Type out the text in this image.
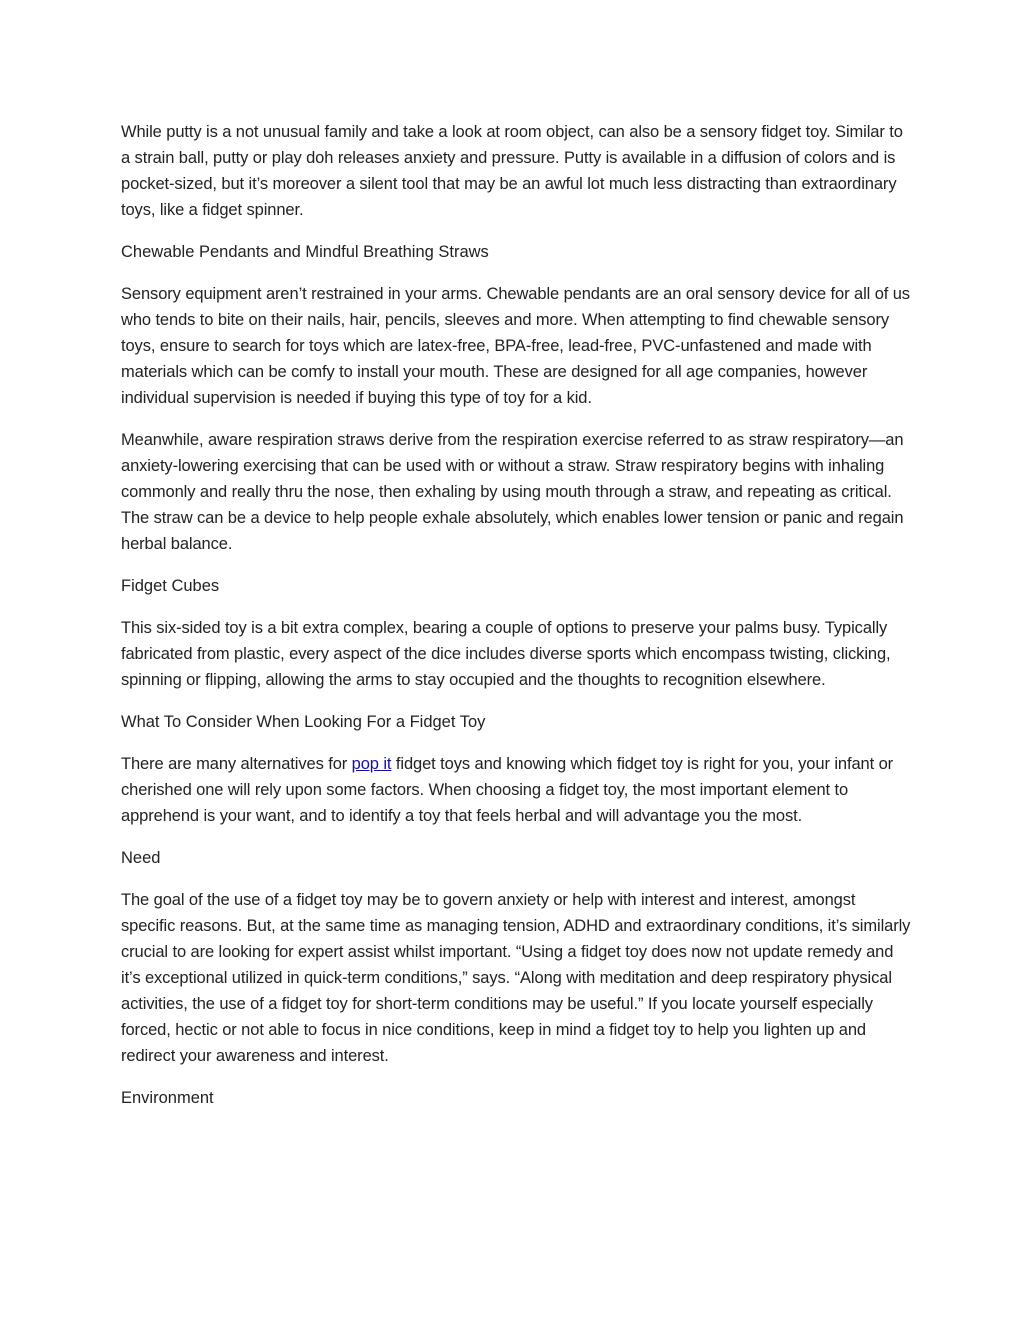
While putty is a not unusual family and take a look at room object, can also be a sensory fidget toy. Similar to a strain ball, putty or play doh releases anxiety and pressure. Putty is available in a diffusion of colors and is pocket-sized, but it’s moreover a silent tool that may be an awful lot much less distracting than extraordinary toys, like a fidget spinner.

Chewable Pendants and Mindful Breathing Straws

Sensory equipment aren’t restrained in your arms. Chewable pendants are an oral sensory device for all of us who tends to bite on their nails, hair, pencils, sleeves and more. When attempting to find chewable sensory toys, ensure to search for toys which are latex-free, BPA-free, lead-free, PVC-unfastened and made with materials which can be comfy to install your mouth. These are designed for all age companies, however individual supervision is needed if buying this type of toy for a kid.

Meanwhile, aware respiration straws derive from the respiration exercise referred to as straw respiratory—an anxiety-lowering exercising that can be used with or without a straw. Straw respiratory begins with inhaling commonly and really thru the nose, then exhaling by using mouth through a straw, and repeating as critical. The straw can be a device to help people exhale absolutely, which enables lower tension or panic and regain herbal balance.

Fidget Cubes

This six-sided toy is a bit extra complex, bearing a couple of options to preserve your palms busy. Typically fabricated from plastic, every aspect of the dice includes diverse sports which encompass twisting, clicking, spinning or flipping, allowing the arms to stay occupied and the thoughts to recognition elsewhere.

What To Consider When Looking For a Fidget Toy

There are many alternatives for pop it fidget toys and knowing which fidget toy is right for you, your infant or cherished one will rely upon some factors. When choosing a fidget toy, the most important element to apprehend is your want, and to identify a toy that feels herbal and will advantage you the most.

Need

The goal of the use of a fidget toy may be to govern anxiety or help with interest and interest, amongst specific reasons. But, at the same time as managing tension, ADHD and extraordinary conditions, it’s similarly crucial to are looking for expert assist whilst important. “Using a fidget toy does now not update remedy and it’s exceptional utilized in quick-term conditions,” says. “Along with meditation and deep respiratory physical activities, the use of a fidget toy for short-term conditions may be useful.” If you locate yourself especially forced, hectic or not able to focus in nice conditions, keep in mind a fidget toy to help you lighten up and redirect your awareness and interest.

Environment
